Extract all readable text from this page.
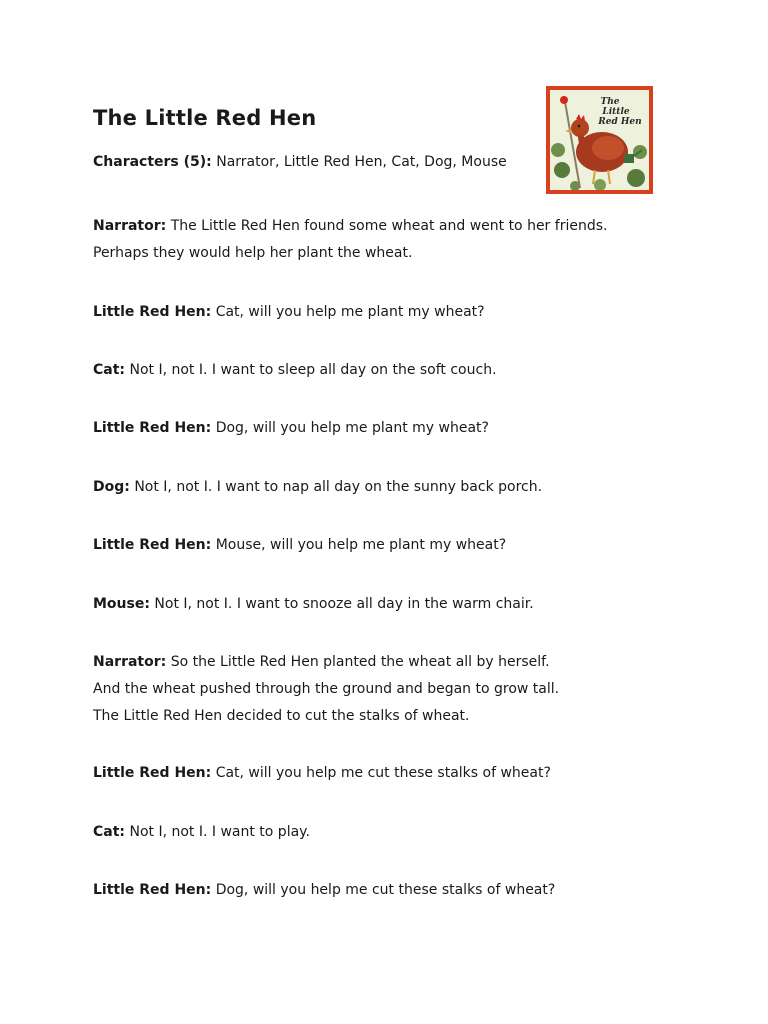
The Little Red Hen

Characters (5): Narrator, Little Red Hen, Cat, Dog, Mouse

The
Little
Red Hen

Narrator: The Little Red Hen found some wheat and went to her friends.
Perhaps they would help her plant the wheat.

Little Red Hen: Cat, will you help me plant my wheat?

Cat: Not I, not I. I want to sleep all day on the soft couch.

Little Red Hen: Dog, will you help me plant my wheat?

Dog: Not I, not I. I want to nap all day on the sunny back porch.

Little Red Hen: Mouse, will you help me plant my wheat?

Mouse: Not I, not I. I want to snooze all day in the warm chair.

Narrator: So the Little Red Hen planted the wheat all by herself.
And the wheat pushed through the ground and began to grow tall.
The Little Red Hen decided to cut the stalks of wheat.

Little Red Hen: Cat, will you help me cut these stalks of wheat?

Cat: Not I, not I. I want to play.

Little Red Hen: Dog, will you help me cut these stalks of wheat?
